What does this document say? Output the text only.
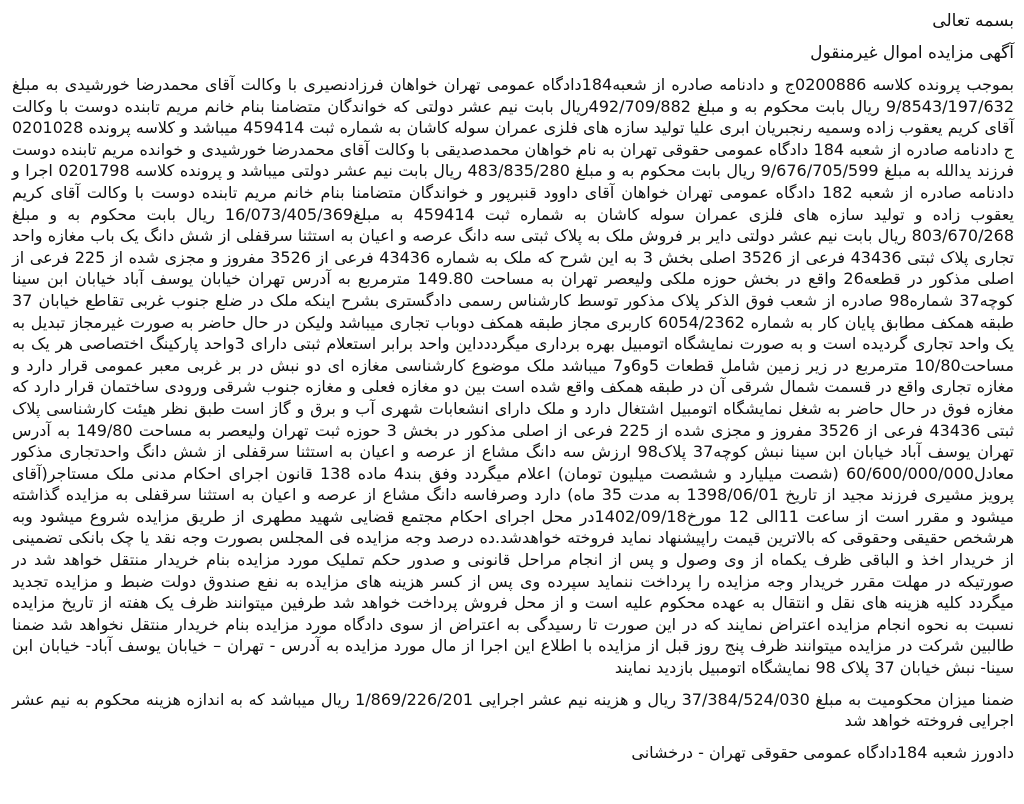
بسمه تعالی

آگهی مزایده اموال غیرمنقول

بموجب پرونده کلاسه 0200886ج و دادنامه صادره از شعبه184دادگاه عمومی تهران خواهان فرزادنصیری با وکالت آقای محمدرضا خورشیدی به مبلغ 9/8543/197/632 ریال بابت محکوم به و مبلغ 492/709/882ریال بابت نیم عشر دولتی که خواندگان متضامنا بنام خانم مریم تابنده دوست با وکالت آقای کریم یعقوب زاده وسمیه رنجبریان ابری علیا تولید سازه های فلزی عمران سوله کاشان به شماره ثبت 459414 میباشد و کلاسه پرونده 0201028 ج دادنامه صادره از شعبه 184 دادگاه عمومی حقوقی تهران به نام خواهان محمدصدیقی با وکالت آقای محمدرضا خورشیدی و خوانده مریم تابنده دوست فرزند یدالله به مبلغ 9/676/705/599 ریال بابت محکوم به و مبلغ 483/835/280 ریال بابت نیم عشر دولتی میباشد و پرونده کلاسه 0201798 اجرا و دادنامه صادره از شعبه 182 دادگاه عمومی تهران خواهان آقای داوود قنبرپور و خواندگان متضامنا بنام خانم مریم تابنده دوست با وکالت آقای کریم یعقوب زاده و تولید سازه های فلزی عمران سوله کاشان به شماره ثبت 459414 به مبلغ16/073/405/369 ریال بابت محکوم به و مبلغ 803/670/268 ریال بابت نیم عشر دولتی دایر بر فروش ملک به پلاک ثبتی سه دانگ عرصه و اعیان به استثنا سرقفلی از شش دانگ یک باب مغازه واحد تجاری پلاک ثبتی 43436 فرعی از 3526 اصلی بخش 3 به این شرح که ملک به شماره 43436 فرعی از 3526 مفروز و مجزی شده از 225 فرعی از اصلی مذکور در قطعه26 واقع در بخش حوزه ملکی ولیعصر تهران به مساحت 149.80 مترمربع به آدرس تهران خیابان یوسف آباد خیابان ابن سینا کوچه37 شماره98 صادره از شعب فوق الذکر پلاک مذکور توسط کارشناس رسمی دادگستری بشرح اینکه ملک در ضلع جنوب غربی تقاطع خیابان 37 طبقه همکف مطابق پایان کار به شماره 6054/2362 کاربری مجاز طبقه همکف دوباب تجاری میباشد ولیکن در حال حاضر به صورت غیرمجاز تبدیل به یک واحد تجاری گردیده است و به صورت نمایشگاه اتومبیل بهره برداری میگرددداین واحد برابر استعلام ثبتی دارای 3واحد پارکینگ اختصاصی هر یک به مساحت10/80 مترمربع در زیر زمین شامل قطعات 5و6و7 میباشد ملک موضوع کارشناسی مغازه ای دو نبش در بر غربی معبر عمومی قرار دارد و مغازه تجاری واقع در قسمت شمال شرقی آن در طبقه همکف واقع شده است بین دو مغازه فعلی و مغازه جنوب شرقی ورودی ساختمان قرار دارد که مغازه فوق در حال حاضر به شغل نمایشگاه اتومبیل اشتغال دارد و ملک دارای انشعابات شهری آب و برق و گاز است طبق نظر هیئت کارشناسی پلاک ثبتی 43436 فرعی از 3526 مفروز و مجزی شده از 225 فرعی از اصلی مذکور در بخش 3 حوزه ثبت تهران ولیعصر به مساحت 149/80 به آدرس تهران یوسف آباد خیابان ابن سینا نبش کوچه37 پلاک98 ارزش سه دانگ مشاع از عرصه و اعیان به استثنا سرقفلی از شش دانگ واحدتجاری مذکور معادل60/600/000/000 (شصت میلیارد و ششصت میلیون تومان) اعلام میگردد وفق بند4 ماده 138 قانون اجرای احکام مدنی ملک مستاجر(آقای پرویز مشیری فرزند مجید از تاریخ 1398/06/01 به مدت 35 ماه) دارد وصرفاسه دانگ مشاع از عرصه و اعیان به استثنا سرقفلی به مزایده گذاشته میشود و مقرر است از ساعت 11الی 12 مورخ1402/09/18در محل اجرای احکام مجتمع قضایی شهید مطهری از طریق مزایده شروع میشود وبه هرشخص حقیقی وحقوقی که بالاترین قیمت راپیشنهاد نماید فروخته خواهدشد.ده درصد وجه مزایده فی المجلس بصورت وجه نقد یا چک بانکی تضمینی از خریدار اخذ و الباقی ظرف یکماه از وی وصول و پس از انجام مراحل قانونی و صدور حکم تملیک مورد مزایده بنام خریدار منتقل خواهد شد در صورتیکه در مهلت مقرر خریدار وجه مزایده را پرداخت ننماید سپرده وی پس از کسر هزینه های مزایده به نفع صندوق دولت ضبط و مزایده تجدید میگردد کلیه هزینه های نقل و انتقال به عهده محکوم علیه است و از محل فروش پرداخت خواهد شد طرفین میتوانند ظرف یک هفته از تاریخ مزایده نسبت به نحوه انجام مزایده اعتراض نمایند که در این صورت تا رسیدگی به اعتراض از سوی دادگاه مورد مزایده بنام خریدار منتقل نخواهد شد ضمنا طالبین شرکت در مزایده میتوانند ظرف پنج روز قبل از مزایده با اطلاع این اجرا از مال مورد مزایده به آدرس - تهران – خیابان یوسف آباد- خیابان ابن سینا- نبش خیابان 37 پلاک 98 نمایشگاه اتومبیل بازدید نمایند

ضمنا میزان محکومیت به مبلغ 37/384/524/030 ریال و هزینه نیم عشر اجرایی 1/869/226/201 ریال میباشد که به اندازه هزینه محکوم به نیم عشر اجرایی فروخته خواهد شد

دادورز شعبه 184دادگاه عمومی حقوقی تهران - درخشانی
